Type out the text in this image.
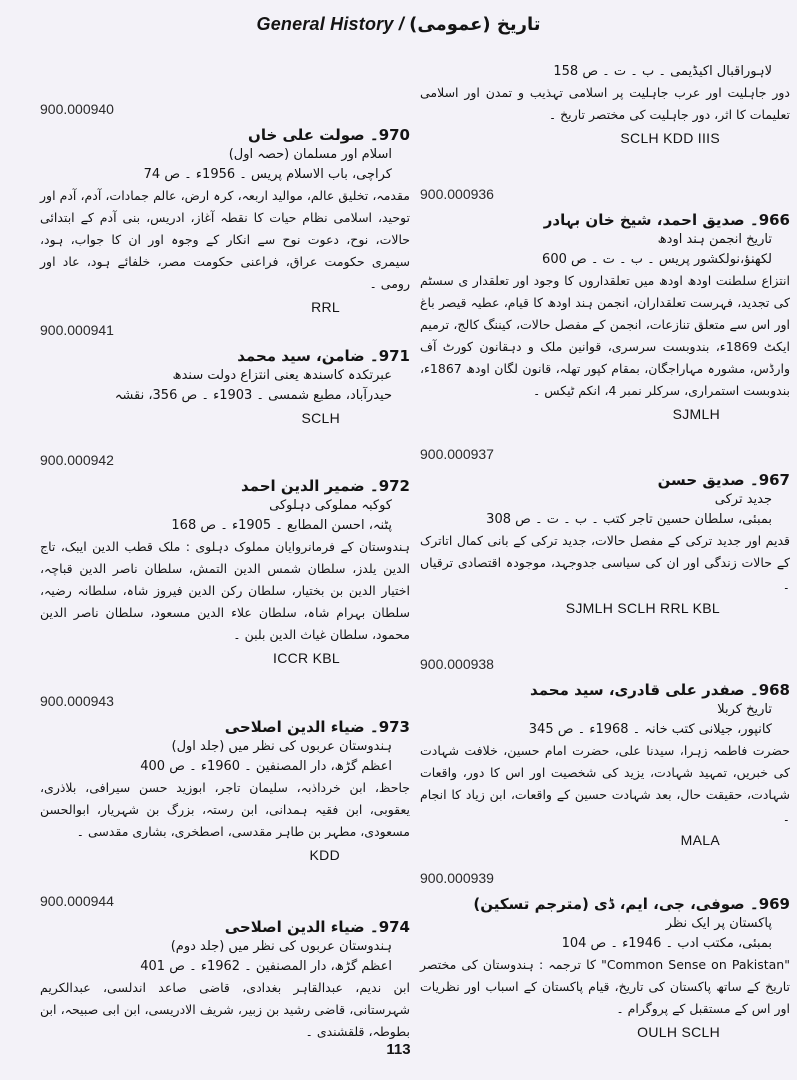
General History / تاریخ (عمومی)
لاہوراقبال اکیڈیمی ۔ ب ۔ ت ۔ ص 158
دور جاہلیت اور عرب جاہلیت پر اسلامی تہذیب و تمدن اور اسلامی تعلیمات کا اثر، دور جاہلیت کی مختصر تاریخ ۔
SCLH KDD IIIS
900.000936
966۔ صدیق احمد، شیخ خان بہادر
تاریخ انجمن ہند اودھ
لکھنؤ،نولکشور پریس ۔ ب ۔ ت ۔ ص 600
انتزاع سلطنت اودھ اودھ میں تعلقداروں کا وجود اور تعلقدار ی سسٹم کی تجدید، فہرست تعلقداران، انجمن ہند اودھ کا قیام، عطیہ قیصر باغ اور اس سے متعلق تنازعات، انجمن کے مفصل حالات، کیننگ کالج، ترمیم ایکٹ 1869ء، بندوبست سرسری، قوانین ملک و دہقانون کورٹ آف وارڈس، مشورہ مہاراجگان، بمقام کپور تھلہ، قانون لگان اودھ 1867ء، بندوبست استمراری، سرکلر نمبر 4، انکم ٹیکس ۔
SJMLH
900.000937
967۔ صدیق حسن
جدید ترکی
بمبئی، سلطان حسین تاجر کتب ۔ ب ۔ ت ۔ ص 308
قدیم اور جدید ترکی کے مفصل حالات، جدید ترکی کے بانی کمال اتاترک کے حالات زندگی اور ان کی سیاسی جدوجہد، موجودہ اقتصادی ترقیاں ۔
SJMLH SCLH RRL KBL
900.000938
968۔ صفدر علی قادری، سید محمد
تاریخ کربلا
کانپور، جیلانی کتب خانہ ۔ 1968ء ۔ ص 345
حضرت فاطمہ زہرا، سیدنا علی، حضرت امام حسین، خلافت شہادت کی خبریں، تمہید شہادت، یزید کی شخصیت اور اس کا دور، واقعات شہادت، حقیقت حال، بعد شہادت حسین کے واقعات، ابن زیاد کا انجام ۔
MALA
900.000939
969۔ صوفی، جی، ایم، ڈی (مترجم تسکین)
پاکستان پر ایک نظر
بمبئی، مکتب ادب ۔ 1946ء ۔ ص 104
"Common Sense on Pakistan" کا ترجمہ : ہندوستان کی مختصر تاریخ کے ساتھ پاکستان کی تاریخ، قیام پاکستان کے اسباب اور نظریات اور اس کے مستقبل کے پروگرام ۔
OULH SCLH
900.000940
970۔ صولت علی خاں
اسلام اور مسلمان (حصہ اول)
کراچی، باب الاسلام پریس ۔ 1956ء ۔ ص 74
مقدمہ، تخلیق عالم، موالید اربعہ، کرہ ارض، عالم جمادات، آدم، آدم اور توحید، اسلامی نظام حیات کا نقطہ آغاز، ادریس، بنی آدم کے ابتدائی حالات، نوح، دعوت نوح سے انکار کے وجوہ اور ان کا جواب، ہود، سیمری حکومت عراق، فراعنی حکومت مصر، خلفائے ہود، عاد اور رومی ۔
RRL
900.000941
971۔ ضامن، سید محمد
عبرتکدہ کاسندھ یعنی انتزاع دولت سندھ
حیدرآباد، مطبع شمسی ۔ 1903ء ۔ ص 356، نقشہ
SCLH
900.000942
972۔ ضمیر الدین احمد
کوکبہ مملوکی دہلوکی
پٹنہ، احسن المطابع ۔ 1905ء ۔ ص 168
ہندوستان کے فرمانروایان مملوک دہلوی : ملک قطب الدین ایبک، تاج الدین یلدز، سلطان شمس الدین التمش، سلطان ناصر الدین قباچہ، اختیار الدین بن بختیار، سلطان رکن الدین فیروز شاہ، سلطانہ رضیہ، سلطان بہرام شاہ، سلطان علاء الدین مسعود، سلطان ناصر الدین محمود، سلطان غیاث الدین بلبن ۔
ICCR KBL
900.000943
973۔ ضیاء الدین اصلاحی
ہندوستان عربوں کی نظر میں (جلد اول)
اعظم گڑھ، دار المصنفین ۔ 1960ء ۔ ص 400
جاحظ، ابن خرداذبہ، سلیمان تاجر، ابوزید حسن سیرافی، بلاذری، یعقوبی، ابن فقیہ ہمدانی، ابن رستہ، بزرگ بن شہریار، ابوالحسن مسعودی، مطہر بن طاہر مقدسی، اصطخری، بشاری مقدسی ۔
KDD
900.000944
974۔ ضیاء الدین اصلاحی
ہندوستان عربوں کی نظر میں (جلد دوم)
اعظم گڑھ، دار المصنفین ۔ 1962ء ۔ ص 401
ابن ندیم، عبدالقاہر بغدادی، قاضی صاعد اندلسی، عبدالکریم شہرستانی، قاضی رشید بن زبیر، شریف الادریسی، ابن ابی صبیحہ، ابن بطوطہ، قلقشندی ۔
113
